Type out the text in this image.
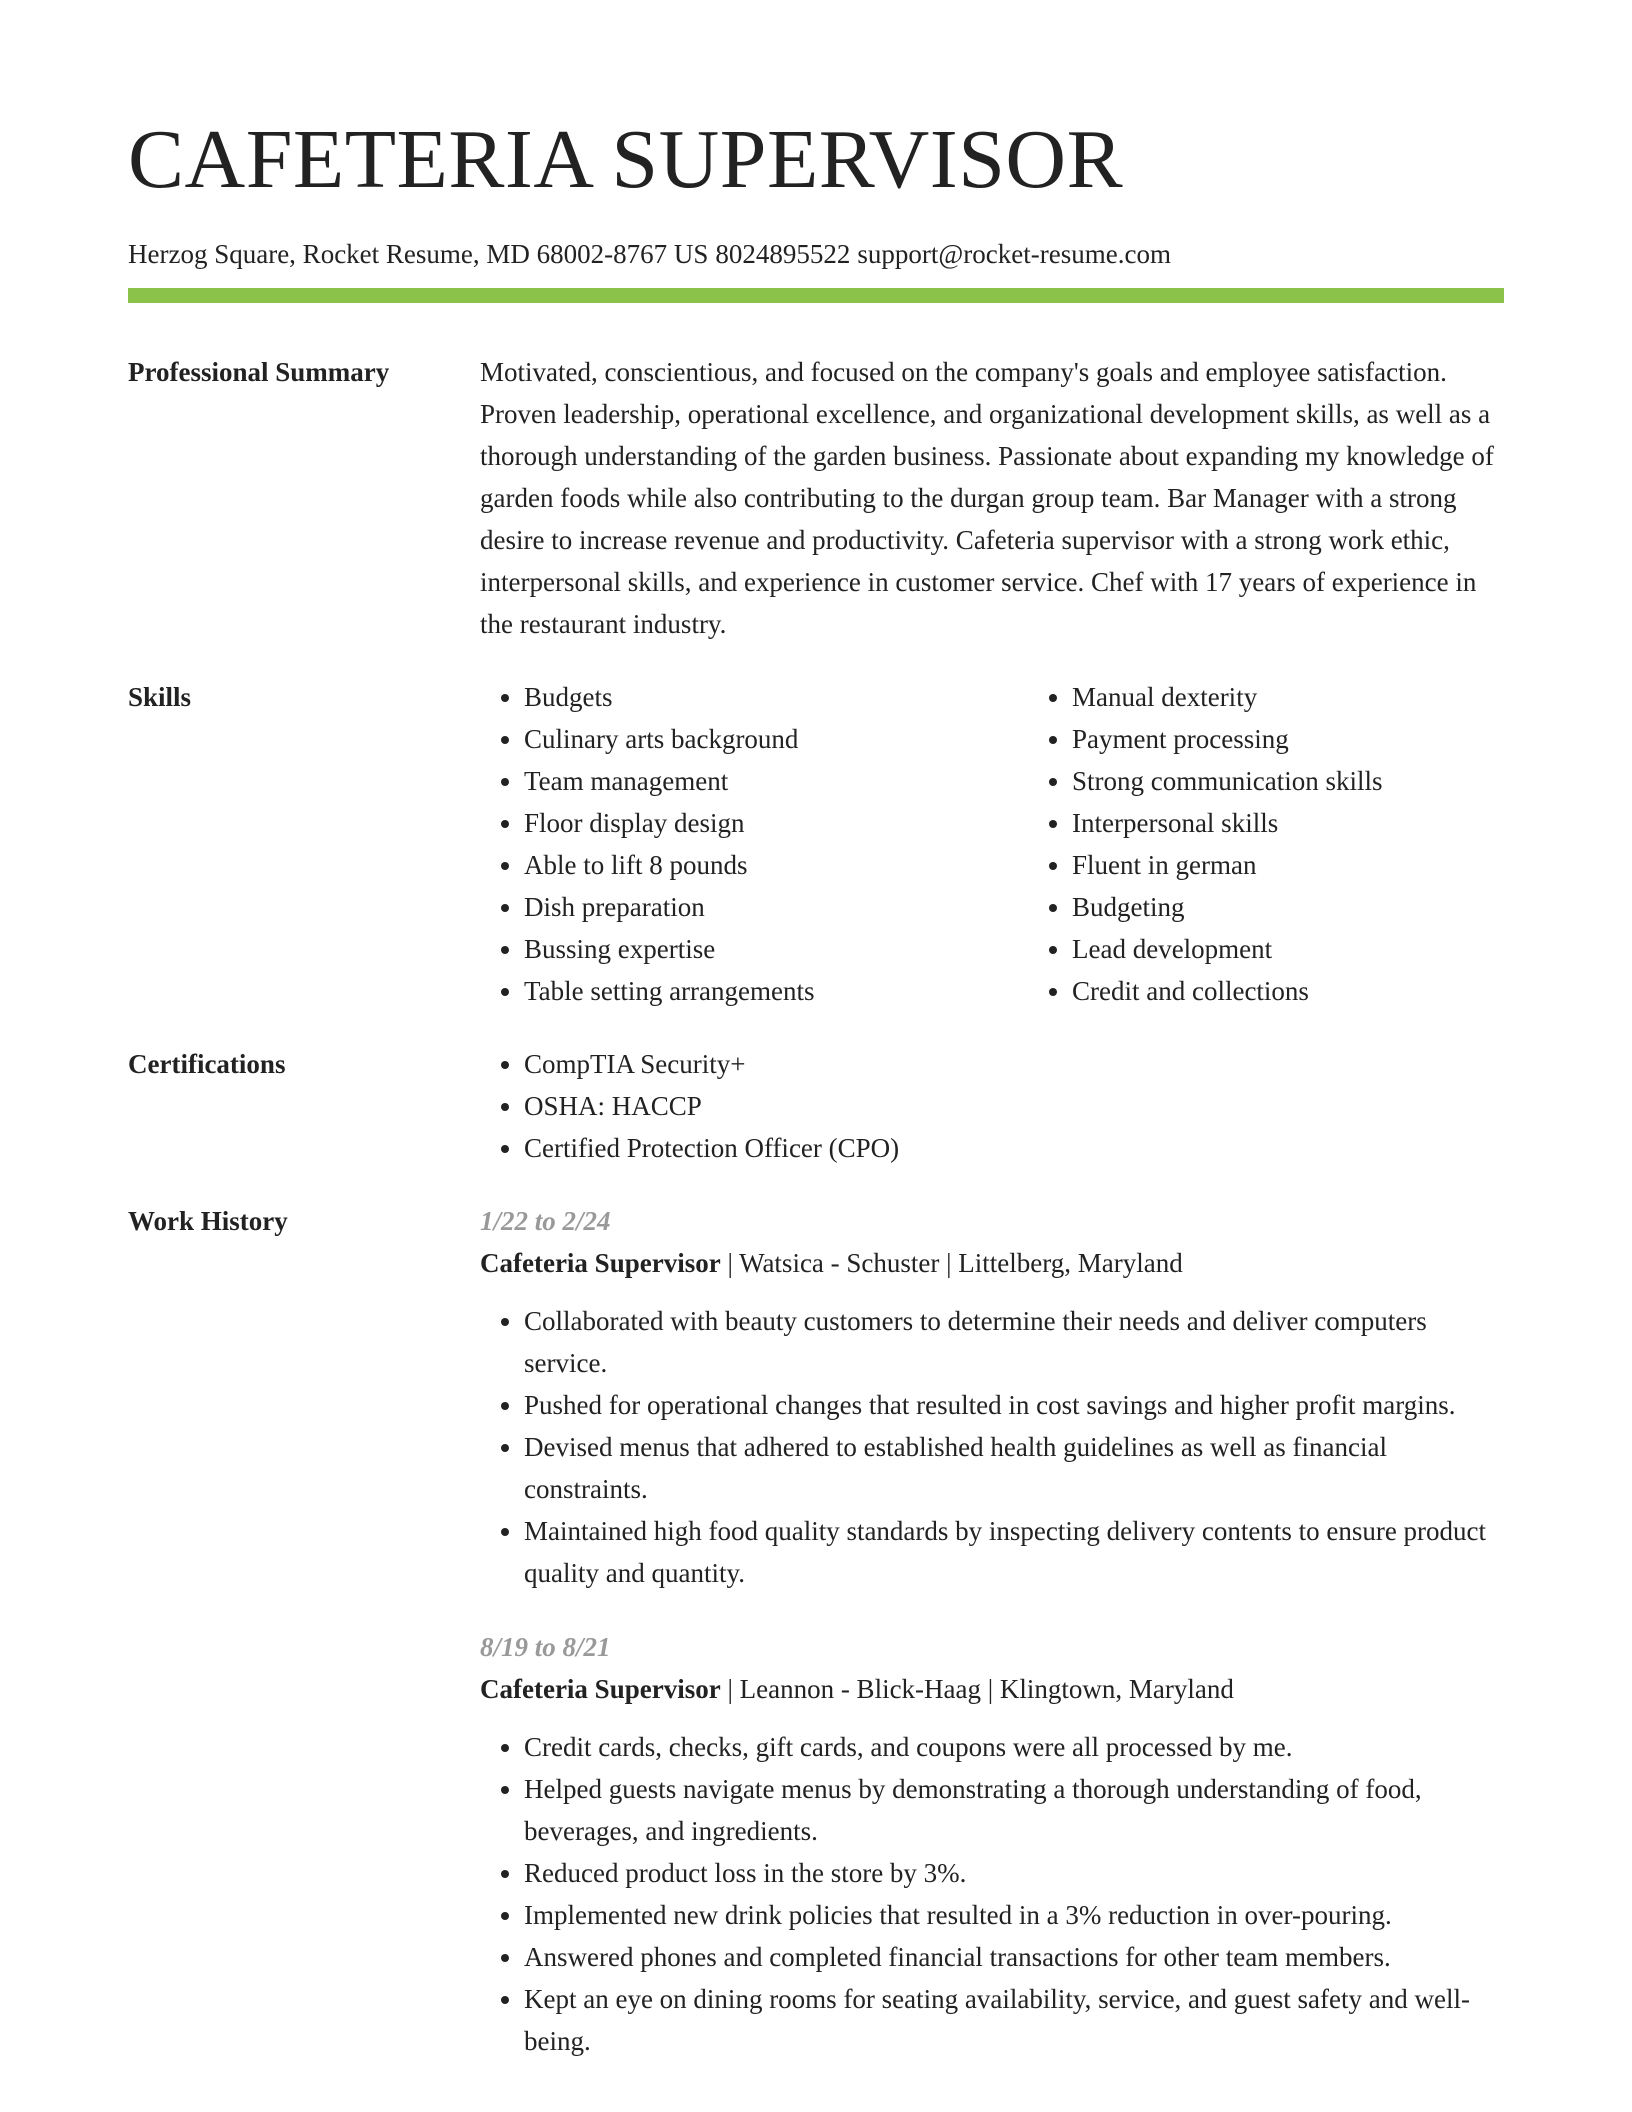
CAFETERIA SUPERVISOR
Herzog Square, Rocket Resume, MD 68002-8767 US 8024895522 support@rocket-resume.com
Professional Summary	Motivated, conscientious, and focused on the company's goals and employee satisfaction. Proven leadership, operational excellence, and organizational development skills, as well as a thorough understanding of the garden business. Passionate about expanding my knowledge of garden foods while also contributing to the durgan group team. Bar Manager with a strong desire to increase revenue and productivity. Cafeteria supervisor with a strong work ethic, interpersonal skills, and experience in customer service. Chef with 17 years of experience in the restaurant industry.
Skills	• Budgets
• Culinary arts background
• Team management
• Floor display design
• Able to lift 8 pounds
• Dish preparation
• Bussing expertise
• Table setting arrangements
• Manual dexterity
• Payment processing
• Strong communication skills
• Interpersonal skills
• Fluent in german
• Budgeting
• Lead development
• Credit and collections
Certifications	• CompTIA Security+
• OSHA: HACCP
• Certified Protection Officer (CPO)
Work History	1/22 to 2/24
Cafeteria Supervisor | Watsica - Schuster | Littelberg, Maryland
• Collaborated with beauty customers to determine their needs and deliver computers service.
• Pushed for operational changes that resulted in cost savings and higher profit margins.
• Devised menus that adhered to established health guidelines as well as financial constraints.
• Maintained high food quality standards by inspecting delivery contents to ensure product quality and quantity.
8/19 to 8/21
Cafeteria Supervisor | Leannon - Blick-Haag | Klingtown, Maryland
• Credit cards, checks, gift cards, and coupons were all processed by me.
• Helped guests navigate menus by demonstrating a thorough understanding of food, beverages, and ingredients.
• Reduced product loss in the store by 3%.
• Implemented new drink policies that resulted in a 3% reduction in over-pouring.
• Answered phones and completed financial transactions for other team members.
• Kept an eye on dining rooms for seating availability, service, and guest safety and well-being.
